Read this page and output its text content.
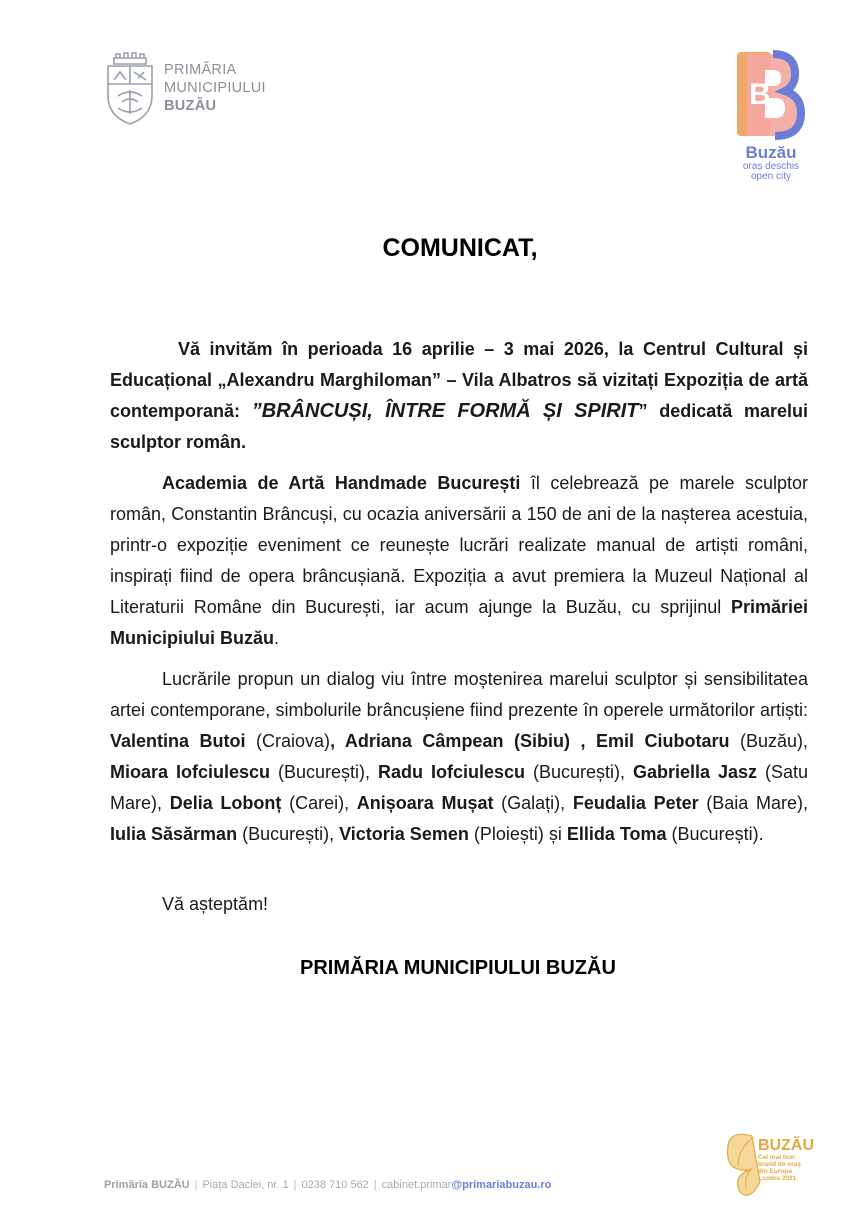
PRIMĂRIA
MUNICIPIULUI
BUZĂU	B
Buzău
oraș deschis
open city
COMUNICAT,

Vă invităm în perioada 16 aprilie – 3 mai 2026, la Centrul Cultural și Educațional „Alexandru Marghiloman” – Vila Albatros să vizitați Expoziția de artă contemporană: ”BRÂNCUȘI, ÎNTRE FORMĂ ȘI SPIRIT” dedicată marelui sculptor român.

Academia de Artă Handmade București îl celebrează pe marele sculptor român, Constantin Brâncuși, cu ocazia aniversării a 150 de ani de la nașterea acestuia, printr-o expoziție eveniment ce reunește lucrări realizate manual de artiști români, inspirați fiind de opera brâncușiană. Expoziția a avut premiera la Muzeul Național al Literaturii Române din București, iar acum ajunge la Buzău, cu sprijinul Primăriei Municipiului Buzău.

Lucrările propun un dialog viu între moștenirea marelui sculptor și sensibilitatea artei contemporane, simbolurile brâncușiene fiind prezente în operele următorilor artiști: Valentina Butoi (Craiova), Adriana Câmpean (Sibiu) , Emil Ciubotaru (Buzău), Mioara Iofciulescu (București), Radu Iofciulescu (București), Gabriella Jasz (Satu Mare), Delia Lobonț (Carei), Anișoara Mușat (Galați), Feudalia Peter (Baia Mare), Iulia Săsărman (București), Victoria Semen (Ploiești) și Ellida Toma (București).

Vă așteptăm!
PRIMĂRIA MUNICIPIULUI BUZĂU
Primăria BUZĂU | Piața Daciei, nr. 1 | 0238 710 562 | cabinet.primar@primariabuzau.ro
BUZĂU
Cel mai bun
brand de oraș
din Europa
Londra 2021
